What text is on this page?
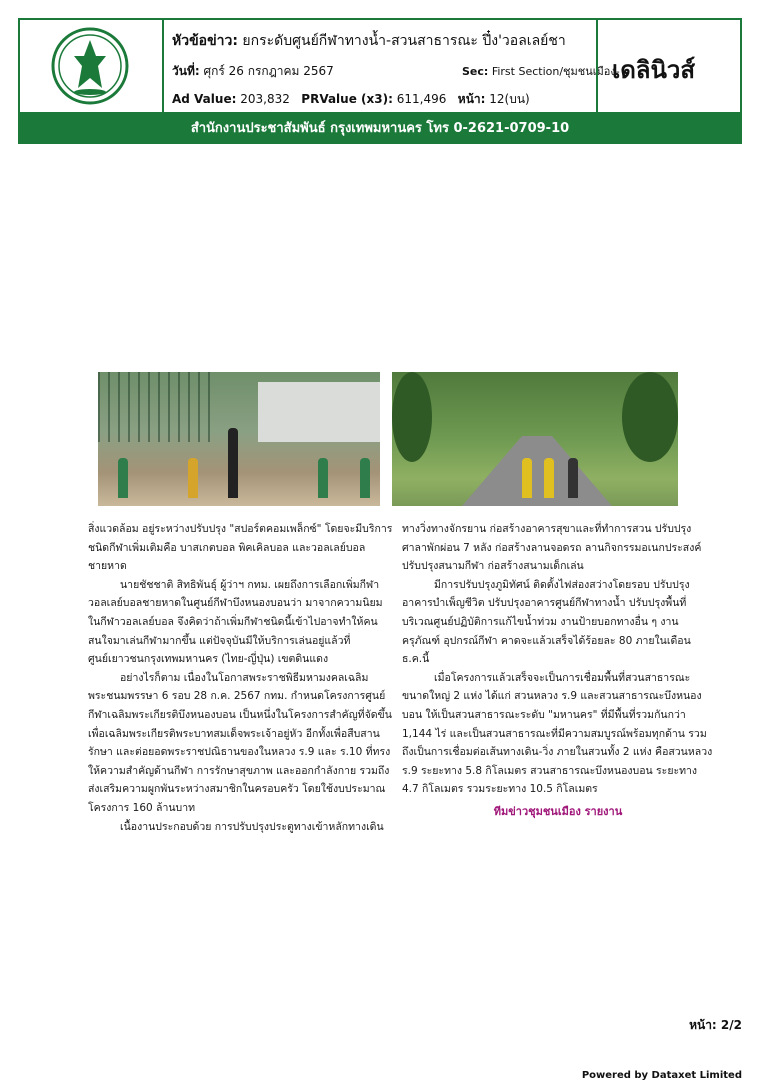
หัวข้อข่าว: ยกระดับศูนย์กีฬาทางน้ำ-สวนสาธารณะ ปึ๋ง'วอลเลย์ชา
วันที่: ศุกร์ 26 กรกฎาคม 2567	Sec: First Section/ชุมชนเมือง-
Ad Value: 203,832 PRValue (x3): 611,496 หน้า: 12(บน)
เดลินิวส์
สำนักงานประชาสัมพันธ์ กรุงเทพมหานคร โทร 0-2621-0709-10

สิ่งแวดล้อม อยู่ระหว่างปรับปรุง "สปอร์ตคอมเพล็กซ์" โดยจะมีบริการชนิดกีฬาเพิ่มเติมคือ บาสเกตบอล พิคเคิลบอล และวอลเลย์บอลชายหาด

นายชัชชาติ สิทธิพันธุ์ ผู้ว่าฯ กทม. เผยถึงการเลือกเพิ่มกีฬาวอลเลย์บอลชายหาดในศูนย์กีฬาบึงหนองบอนว่า มาจากความนิยมในกีฬาวอลเลย์บอล จึงคิดว่าถ้าเพิ่มกีฬาชนิดนี้เข้าไปอาจทำให้คนสนใจมาเล่นกีฬามากขึ้น แต่ปัจจุบันมีให้บริการเล่นอยู่แล้วที่ศูนย์เยาวชนกรุงเทพมหานคร (ไทย-ญี่ปุ่น) เขตดินแดง

อย่างไรก็ตาม เนื่องในโอกาสพระราชพิธีมหามงคลเฉลิมพระชนมพรรษา 6 รอบ 28 ก.ค. 2567 กทม. กำหนดโครงการศูนย์กีฬาเฉลิมพระเกียรติบึงหนองบอน เป็นหนึ่งในโครงการสำคัญที่จัดขึ้นเพื่อเฉลิมพระเกียรติพระบาทสมเด็จพระเจ้าอยู่หัว อีกทั้งเพื่อสืบสานรักษา และต่อยอดพระราชปณิธานของในหลวง ร.9 และ ร.10 ที่ทรงให้ความสำคัญด้านกีฬา การรักษาสุขภาพ และออกกำลังกาย รวมถึงส่งเสริมความผูกพันระหว่างสมาชิกในครอบครัว โดยใช้งบประมาณโครงการ 160 ล้านบาท

เนื้องานประกอบด้วย การปรับปรุงประตูทางเข้าหลักทางเดิน

ทางวิ่งทางจักรยาน ก่อสร้างอาคารสุขาและที่ทำการสวน ปรับปรุงศาลาพักผ่อน 7 หลัง ก่อสร้างลานจอดรถ ลานกิจกรรมอเนกประสงค์ ปรับปรุงสนามกีฬา ก่อสร้างสนามเด็กเล่น

มีการปรับปรุงภูมิทัศน์ ติดตั้งไฟส่องสว่างโดยรอบ ปรับปรุงอาคารบำเพ็ญชีวิต ปรับปรุงอาคารศูนย์กีฬาทางน้ำ ปรับปรุงพื้นที่บริเวณศูนย์ปฏิบัติการแก้ไขน้ำท่วม งานป้ายบอกทางอื่น ๆ งานครุภัณฑ์ อุปกรณ์กีฬา คาดจะแล้วเสร็จได้ร้อยละ 80 ภายในเดือนธ.ค.นี้

เมื่อโครงการแล้วเสร็จจะเป็นการเชื่อมพื้นที่สวนสาธารณะขนาดใหญ่ 2 แห่ง ได้แก่ สวนหลวง ร.9 และสวนสาธารณะบึงหนองบอน ให้เป็นสวนสาธารณะระดับ "มหานคร" ที่มีพื้นที่รวมกันกว่า 1,144 ไร่ และเป็นสวนสาธารณะที่มีความสมบูรณ์พร้อมทุกด้าน รวมถึงเป็นการเชื่อมต่อเส้นทางเดิน-วิ่ง ภายในสวนทั้ง 2 แห่ง คือสวนหลวง ร.9 ระยะทาง 5.8 กิโลเมตร สวนสาธารณะบึงหนองบอน ระยะทาง 4.7 กิโลเมตร รวมระยะทาง 10.5 กิโลเมตร

ทีมข่าวชุมชนเมือง รายงาน
หน้า: 2/2
Powered by Dataxet Limited
